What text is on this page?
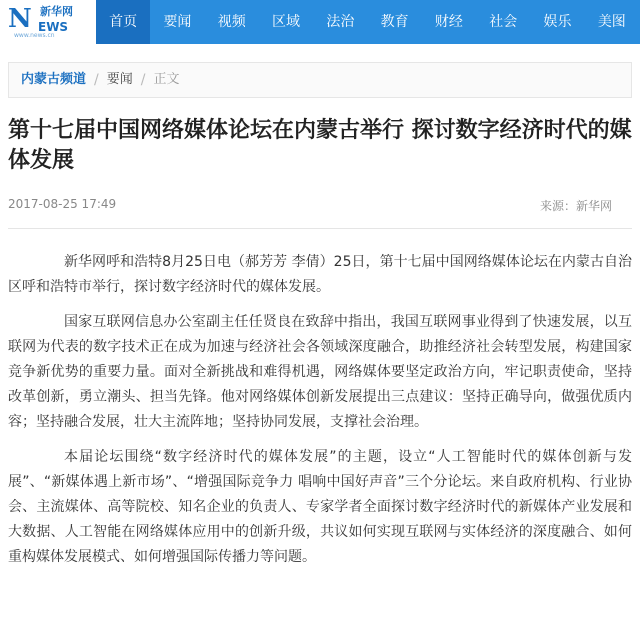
N 新华网
EWS
www.news.cn
首页	要闻	视频	区域	法治	教育	财经	社会	娱乐	美图
内蒙古频道 / 要闻 / 正文
第十七届中国网络媒体论坛在内蒙古举行 探讨数字经济时代的媒体发展
2017-08-25 17:49	来源：新华网

新华网呼和浩特8月25日电（郝芳芳 李倩）25日，第十七届中国网络媒体论坛在内蒙古自治区呼和浩特市举行，探讨数字经济时代的媒体发展。

国家互联网信息办公室副主任任贤良在致辞中指出，我国互联网事业得到了快速发展，以互联网为代表的数字技术正在成为加速与经济社会各领域深度融合，助推经济社会转型发展，构建国家竞争新优势的重要力量。面对全新挑战和难得机遇，网络媒体要坚定政治方向，牢记职责使命，坚持改革创新，勇立潮头、担当先锋。他对网络媒体创新发展提出三点建议：坚持正确导向，做强优质内容；坚持融合发展，壮大主流阵地；坚持协同发展，支撑社会治理。

本届论坛围绕“数字经济时代的媒体发展”的主题，设立“人工智能时代的媒体创新与发展”、“新媒体遇上新市场”、“增强国际竞争力 唱响中国好声音”三个分论坛。来自政府机构、行业协会、主流媒体、高等院校、知名企业的负责人、专家学者全面探讨数字经济时代的新媒体产业发展和大数据、人工智能在网络媒体应用中的创新升级，共议如何实现互联网与实体经济的深度融合、如何重构媒体发展模式、如何增强国际传播力等问题。
